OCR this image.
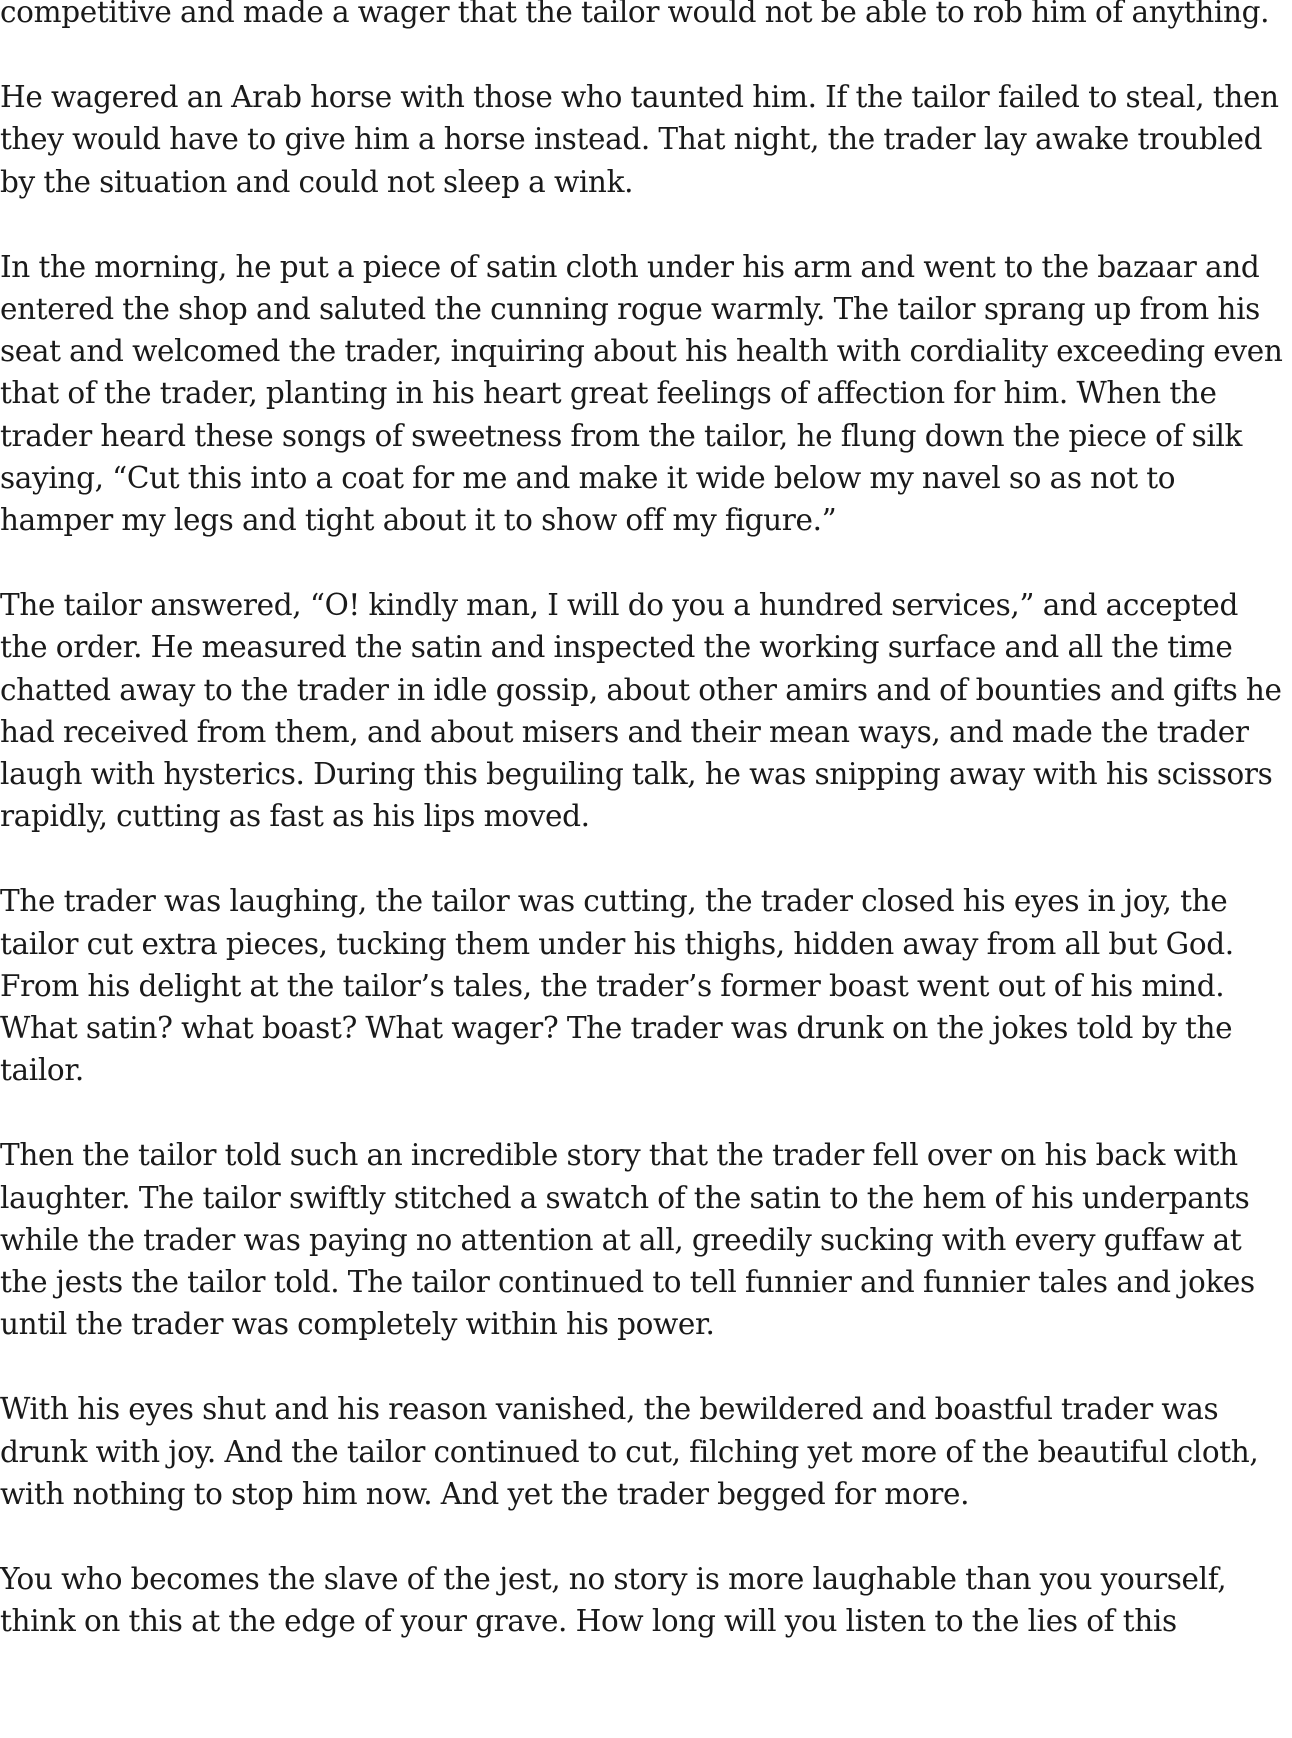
competitive and made a wager that the tailor would not be able to rob him of anything.

He wagered an Arab horse with those who taunted him. If the tailor failed to steal, then they would have to give him a horse instead. That night, the trader lay awake troubled by the situation and could not sleep a wink.

In the morning, he put a piece of satin cloth under his arm and went to the bazaar and entered the shop and saluted the cunning rogue warmly. The tailor sprang up from his seat and welcomed the trader, inquiring about his health with cordiality exceeding even that of the trader, planting in his heart great feelings of affection for him. When the trader heard these songs of sweetness from the tailor, he flung down the piece of silk saying, “Cut this into a coat for me and make it wide below my navel so as not to hamper my legs and tight about it to show off my figure.”

The tailor answered, “O! kindly man, I will do you a hundred services,” and accepted the order. He measured the satin and inspected the working surface and all the time chatted away to the trader in idle gossip, about other amirs and of bounties and gifts he had received from them, and about misers and their mean ways, and made the trader laugh with hysterics. During this beguiling talk, he was snipping away with his scissors rapidly, cutting as fast as his lips moved.

The trader was laughing, the tailor was cutting, the trader closed his eyes in joy, the tailor cut extra pieces, tucking them under his thighs, hidden away from all but God. From his delight at the tailor’s tales, the trader’s former boast went out of his mind. What satin? what boast? What wager? The trader was drunk on the jokes told by the tailor.

Then the tailor told such an incredible story that the trader fell over on his back with laughter. The tailor swiftly stitched a swatch of the satin to the hem of his underpants while the trader was paying no attention at all, greedily sucking with every guffaw at the jests the tailor told. The tailor continued to tell funnier and funnier tales and jokes until the trader was completely within his power.

With his eyes shut and his reason vanished, the bewildered and boastful trader was drunk with joy. And the tailor continued to cut, filching yet more of the beautiful cloth, with nothing to stop him now. And yet the trader begged for more.

You who becomes the slave of the jest, no story is more laughable than you yourself, think on this at the edge of your grave. How long will you listen to the lies of this
